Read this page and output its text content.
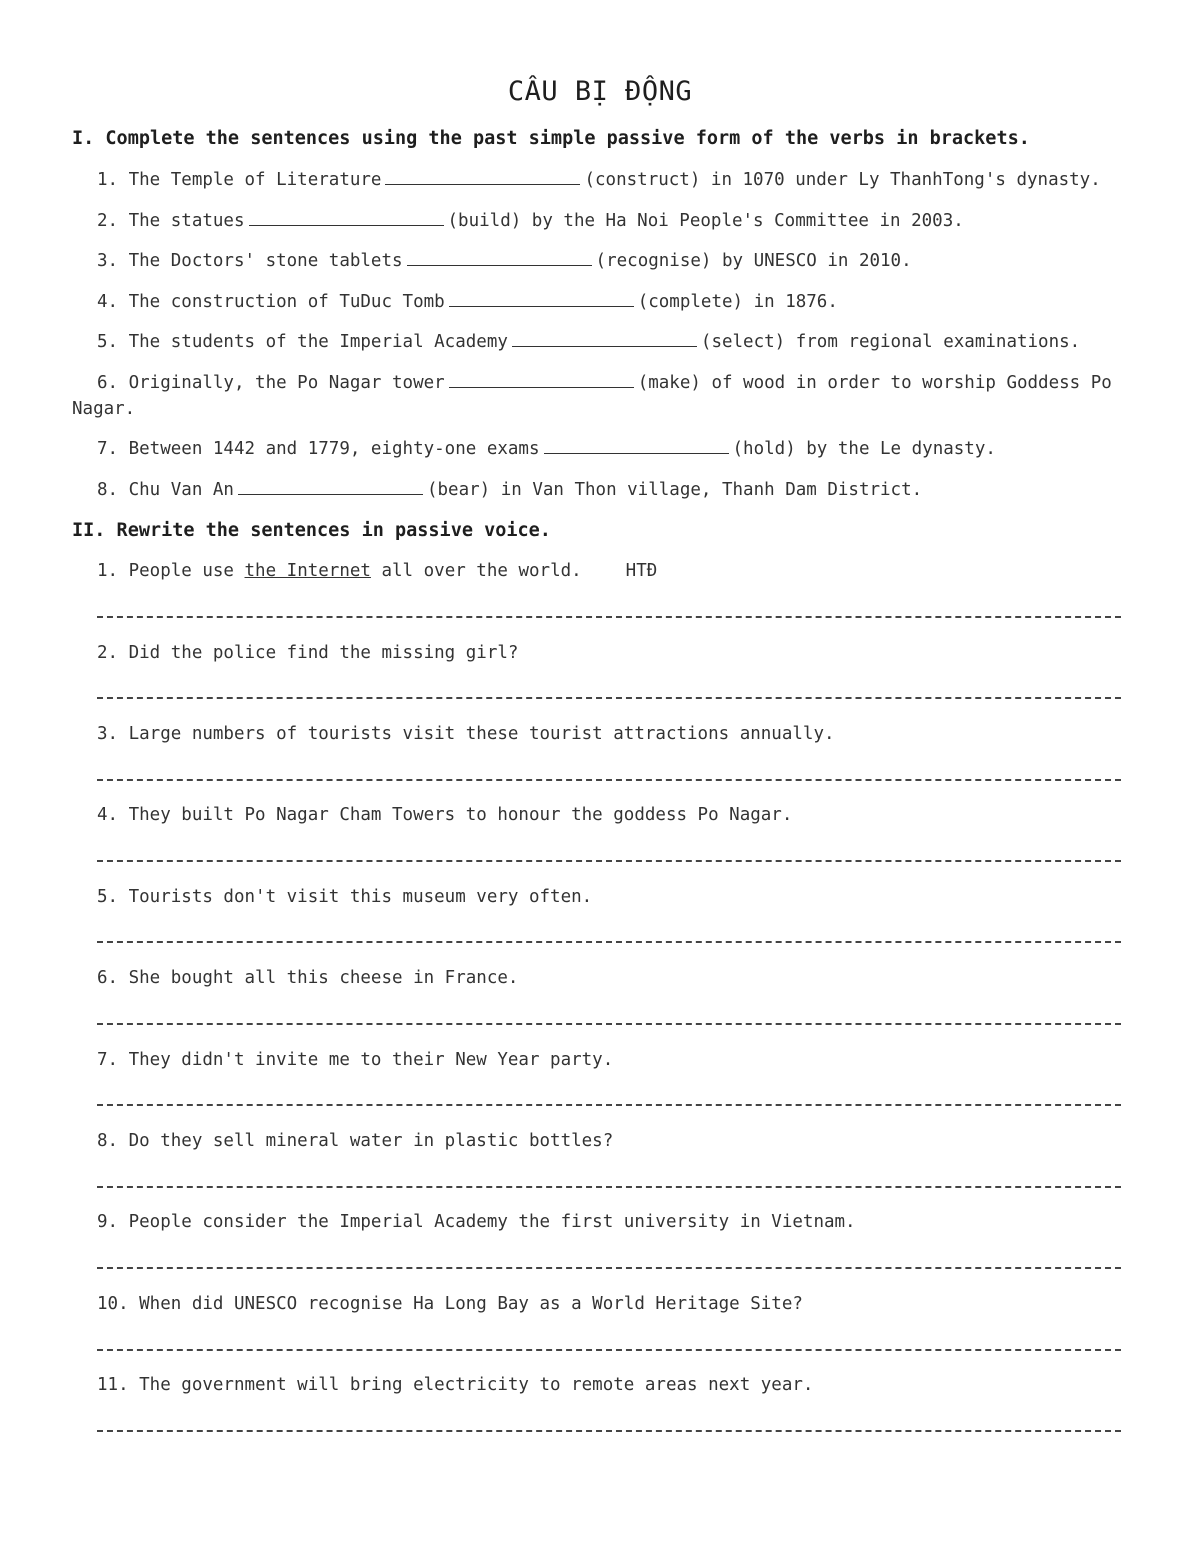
CÂU BỊ ĐỘNG
I. Complete the sentences using the past simple passive form of the verbs in brackets.
1. The Temple of Literature	(construct) in 1070 under Ly ThanhTong's dynasty.
2. The statues	(build) by the Ha Noi People's Committee in 2003.
3. The Doctors' stone tablets	(recognise) by UNESCO in 2010.
4. The construction of TuDuc Tomb	(complete) in 1876.
5. The students of the Imperial Academy	(select) from regional examinations.
6. Originally, the Po Nagar tower	(make) of wood in order to worship Goddess Po
Nagar.
7. Between 1442 and 1779, eighty-one exams	(hold) by the Le dynasty.
8. Chu Van An	(bear) in Van Thon village, Thanh Dam District.
II. Rewrite the sentences in passive voice.
1. People use the Internet all over the world.	HTĐ
2. Did the police find the missing girl?
3. Large numbers of tourists visit these tourist attractions annually.
4. They built Po Nagar Cham Towers to honour the goddess Po Nagar.
5. Tourists don't visit this museum very often.
6. She bought all this cheese in France.
7. They didn't invite me to their New Year party.
8. Do they sell mineral water in plastic bottles?
9. People consider the Imperial Academy the first university in Vietnam.
10. When did UNESCO recognise Ha Long Bay as a World Heritage Site?
11. The government will bring electricity to remote areas next year.
